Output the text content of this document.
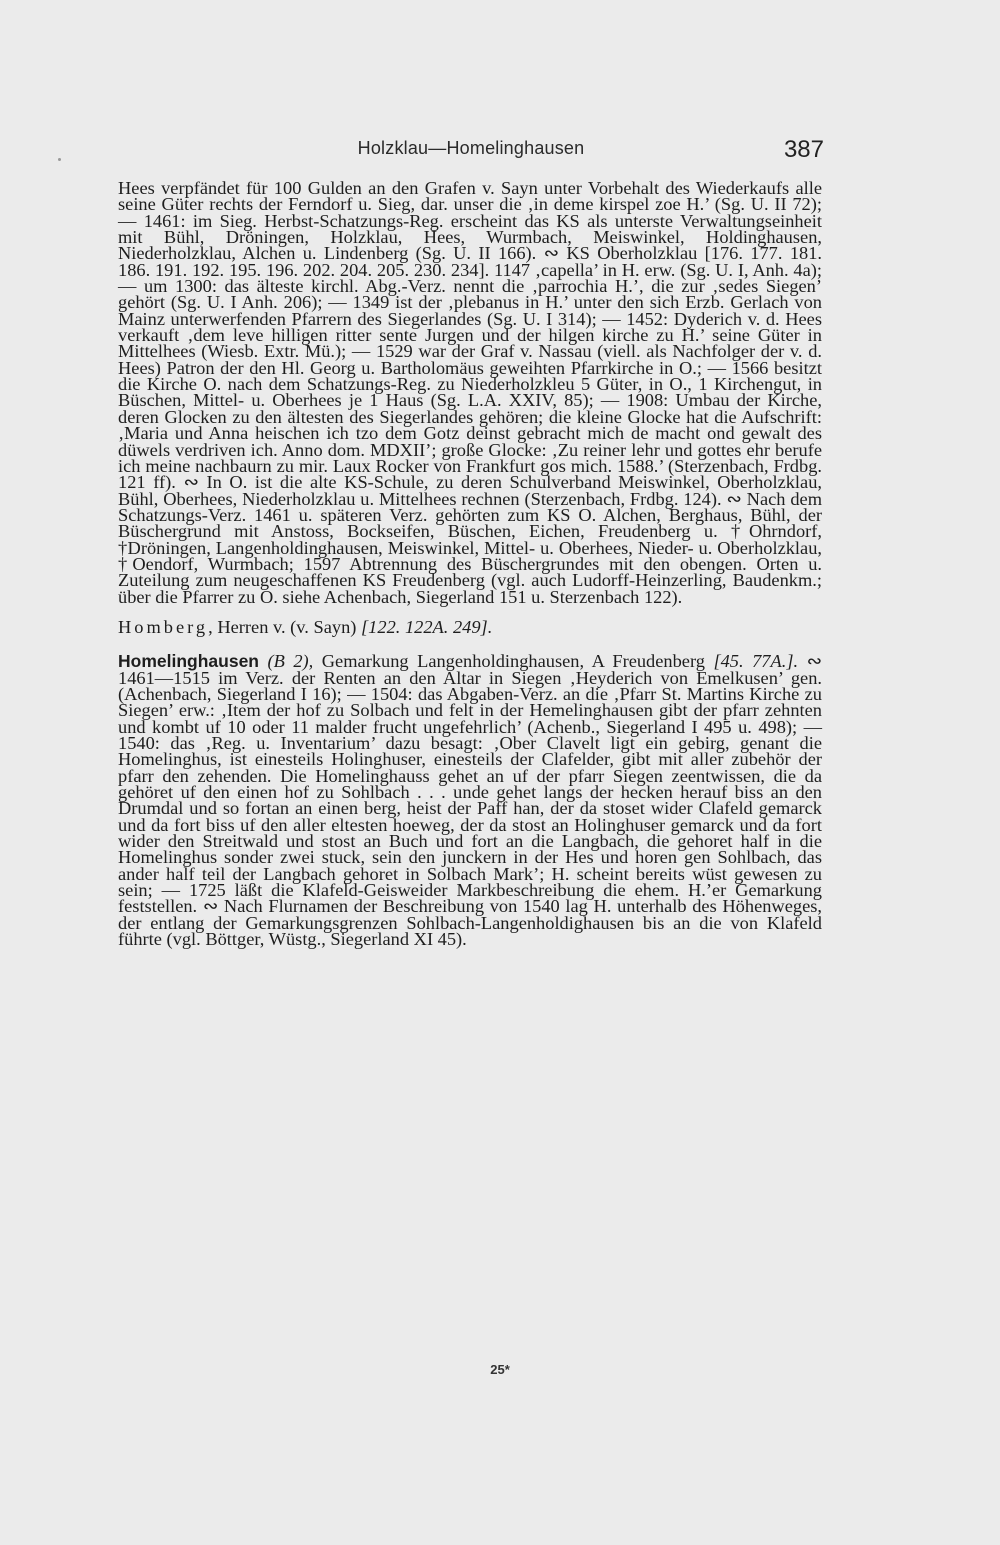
Holzklau—Homelinghausen	387

Hees verpfändet für 100 Gulden an den Grafen v. Sayn unter Vorbehalt des Wiederkaufs alle seine Güter rechts der Ferndorf u. Sieg, dar. unser die ‚in deme kirspel zoe H.’ (Sg. U. II 72); — 1461: im Sieg. Herbst-Schatzungs-Reg. erscheint das KS als unterste Verwaltungseinheit mit Bühl, Dröningen, Holzklau, Hees, Wurmbach, Meiswinkel, Holdinghausen, Niederholzklau, Alchen u. Lindenberg (Sg. U. II 166). ∾ KS Oberholzklau [176. 177. 181. 186. 191. 192. 195. 196. 202. 204. 205. 230. 234]. 1147 ‚capella’ in H. erw. (Sg. U. I, Anh. 4a); — um 1300: das älteste kirchl. Abg.-Verz. nennt die ‚parrochia H.’, die zur ‚sedes Siegen’ gehört (Sg. U. I Anh. 206); — 1349 ist der ‚plebanus in H.’ unter den sich Erzb. Gerlach von Mainz unterwerfenden Pfarrern des Siegerlandes (Sg. U. I 314); — 1452: Dyderich v. d. Hees verkauft ‚dem leve hilligen ritter sente Jurgen und der hilgen kirche zu H.’ seine Güter in Mittelhees (Wiesb. Extr. Mü.); — 1529 war der Graf v. Nassau (viell. als Nachfolger der v. d. Hees) Patron der den Hl. Georg u. Bartholomäus geweihten Pfarrkirche in O.; — 1566 besitzt die Kirche O. nach dem Schatzungs-Reg. zu Niederholzkleu 5 Güter, in O., 1 Kirchengut, in Büschen, Mittel- u. Oberhees je 1 Haus (Sg. L.A. XXIV, 85); — 1908: Umbau der Kirche, deren Glocken zu den ältesten des Siegerlandes gehören; die kleine Glocke hat die Aufschrift: ‚Maria und Anna heischen ich tzo dem Gotz deinst gebracht mich de macht ond gewalt des düwels verdriven ich. Anno dom. MDXII’; große Glocke: ‚Zu reiner lehr und gottes ehr berufe ich meine nachbaurn zu mir. Laux Rocker von Frankfurt gos mich. 1588.’ (Sterzenbach, Frdbg. 121 ff). ∾ In O. ist die alte KS-Schule, zu deren Schulverband Meiswinkel, Oberholzklau, Bühl, Oberhees, Niederholzklau u. Mittelhees rechnen (Sterzenbach, Frdbg. 124). ∾ Nach dem Schatzungs-Verz. 1461 u. späteren Verz. gehörten zum KS O. Alchen, Berghaus, Bühl, der Büschergrund mit Anstoss, Bockseifen, Büschen, Eichen, Freudenberg u. †Ohrndorf, †Dröningen, Langenholdinghausen, Meiswinkel, Mittel- u. Oberhees, Nieder- u. Oberholzklau, †Oendorf, Wurmbach; 1597 Abtrennung des Büschergrundes mit den obengen. Orten u. Zuteilung zum neugeschaffenen KS Freudenberg (vgl. auch Ludorff-Heinzerling, Baudenkm.; über die Pfarrer zu O. siehe Achenbach, Siegerland 151 u. Sterzenbach 122).

Homberg, Herren v. (v. Sayn) [122. 122A. 249].

Homelinghausen (B 2), Gemarkung Langenholdinghausen, A Freudenberg [45. 77A.]. ∾ 1461—1515 im Verz. der Renten an den Altar in Siegen ‚Heyderich von Emelkusen’ gen. (Achenbach, Siegerland I 16); — 1504: das Abgaben-Verz. an die ‚Pfarr St. Martins Kirche zu Siegen’ erw.: ‚Item der hof zu Solbach und felt in der Hemelinghausen gibt der pfarr zehnten und kombt uf 10 oder 11 malder frucht ungefehrlich’ (Achenb., Siegerland I 495 u. 498); — 1540: das ‚Reg. u. Inventarium’ dazu besagt: ‚Ober Clavelt ligt ein gebirg, genant die Homelinghus, ist einesteils Holinghuser, einesteils der Clafelder, gibt mit aller zubehör der pfarr den zehenden. Die Homelinghauss gehet an uf der pfarr Siegen zeentwissen, die da gehöret uf den einen hof zu Sohlbach . . . unde gehet langs der hecken herauf biss an den Drumdal und so fortan an einen berg, heist der Paff han, der da stoset wider Clafeld gemarck und da fort biss uf den aller eltesten hoeweg, der da stost an Holinghuser gemarck und da fort wider den Streitwald und stost an Buch und fort an die Langbach, die gehoret half in die Homelinghus sonder zwei stuck, sein den junckern in der Hes und horen gen Sohlbach, das ander half teil der Langbach gehoret in Solbach Mark’; H. scheint bereits wüst gewesen zu sein; — 1725 läßt die Klafeld-Geisweider Markbeschreibung die ehem. H.’er Gemarkung feststellen. ∾ Nach Flurnamen der Beschreibung von 1540 lag H. unterhalb des Höhenweges, der entlang der Gemarkungsgrenzen Sohlbach-Langenholdighausen bis an die von Klafeld führte (vgl. Böttger, Wüstg., Siegerland XI 45).

25*
